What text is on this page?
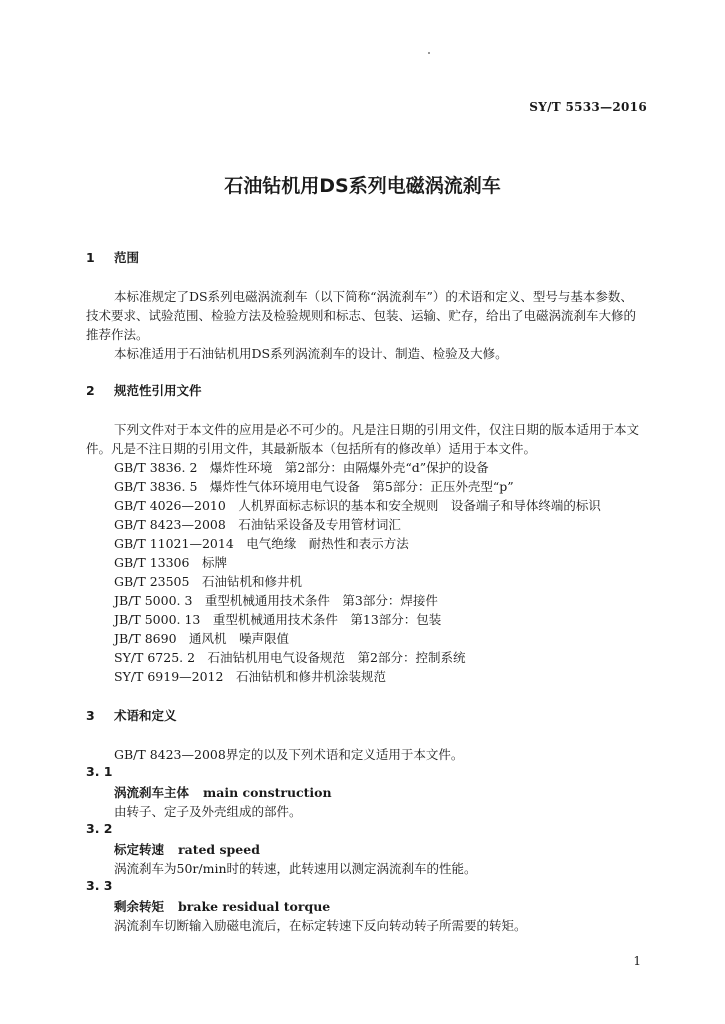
SY/T 5533—2016
石油钻机用DS系列电磁涡流刹车
1 范围
本标准规定了DS系列电磁涡流刹车（以下简称“涡流刹车”）的术语和定义、型号与基本参数、
技术要求、试验范围、检验方法及检验规则和标志、包装、运输、贮存，给出了电磁涡流刹车大修的
推荐作法。
本标准适用于石油钻机用DS系列涡流刹车的设计、制造、检验及大修。
2 规范性引用文件
下列文件对于本文件的应用是必不可少的。凡是注日期的引用文件，仅注日期的版本适用于本文
件。凡是不注日期的引用文件，其最新版本（包括所有的修改单）适用于本文件。
GB/T 3836. 2　爆炸性环境　第2部分：由隔爆外壳“d”保护的设备
GB/T 3836. 5　爆炸性气体环境用电气设备　第5部分：正压外壳型“p”
GB/T 4026—2010　人机界面标志标识的基本和安全规则　设备端子和导体终端的标识
GB/T 8423—2008　石油钻采设备及专用管材词汇
GB/T 11021—2014　电气绝缘　耐热性和表示方法
GB/T 13306　标牌
GB/T 23505　石油钻机和修井机
JB/T 5000. 3　重型机械通用技术条件　第3部分：焊接件
JB/T 5000. 13　重型机械通用技术条件　第13部分：包装
JB/T 8690　通风机　噪声限值
SY/T 6725. 2　石油钻机用电气设备规范　第2部分：控制系统
SY/T 6919—2012　石油钻机和修井机涂装规范
3 术语和定义
GB/T 8423—2008界定的以及下列术语和定义适用于本文件。
3. 1
涡流刹车主体 main construction
由转子、定子及外壳组成的部件。
3. 2
标定转速 rated speed
涡流刹车为50r/min时的转速，此转速用以测定涡流刹车的性能。
3. 3
剩余转矩 brake residual torque
涡流刹车切断输入励磁电流后，在标定转速下反向转动转子所需要的转矩。
1
